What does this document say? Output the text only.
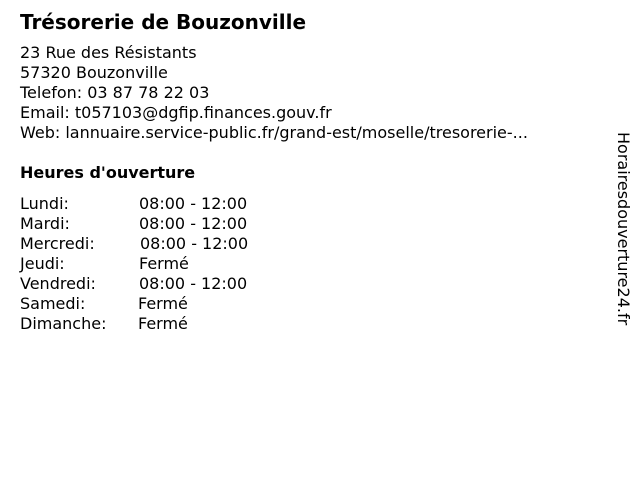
Trésorerie de Bouzonville
23 Rue des Résistants
57320 Bouzonville
Telefon: 03 87 78 22 03
Email: t057103@dgfip.finances.gouv.fr
Web: lannuaire.service-public.fr/grand-est/moselle/tresorerie-...
Heures d'ouverture
Lundi:	08:00 - 12:00
Mardi:	08:00 - 12:00
Mercredi:	08:00 - 12:00
Jeudi:	Fermé
Vendredi:	08:00 - 12:00
Samedi:	Fermé
Dimanche: Fermé	Horairesdouverture24.fr
